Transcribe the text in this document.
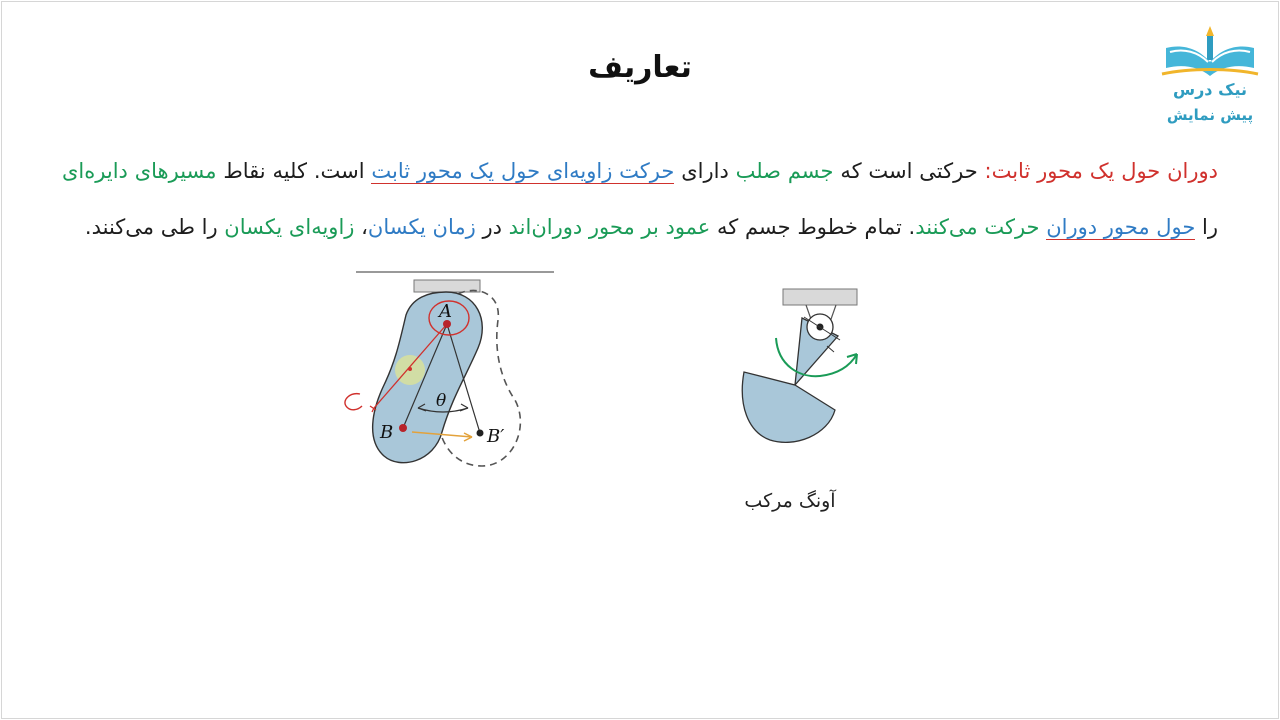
تعاریف
نیک درس
پیش نمایش
دوران حول یک محور ثابت: حرکتی است که جسم صلب دارای حرکت زاویه‌ای حول یک محور ثابت است. کلیه نقاط مسیرهای دایره‌ای را حول محور دوران حرکت می‌کنند. تمام خطوط جسم که عمود بر محور دوران‌اند در زمان یکسان، زاویه‌ای یکسان را طی می‌کنند.
A
B	B′
θ
آونگ مرکب
